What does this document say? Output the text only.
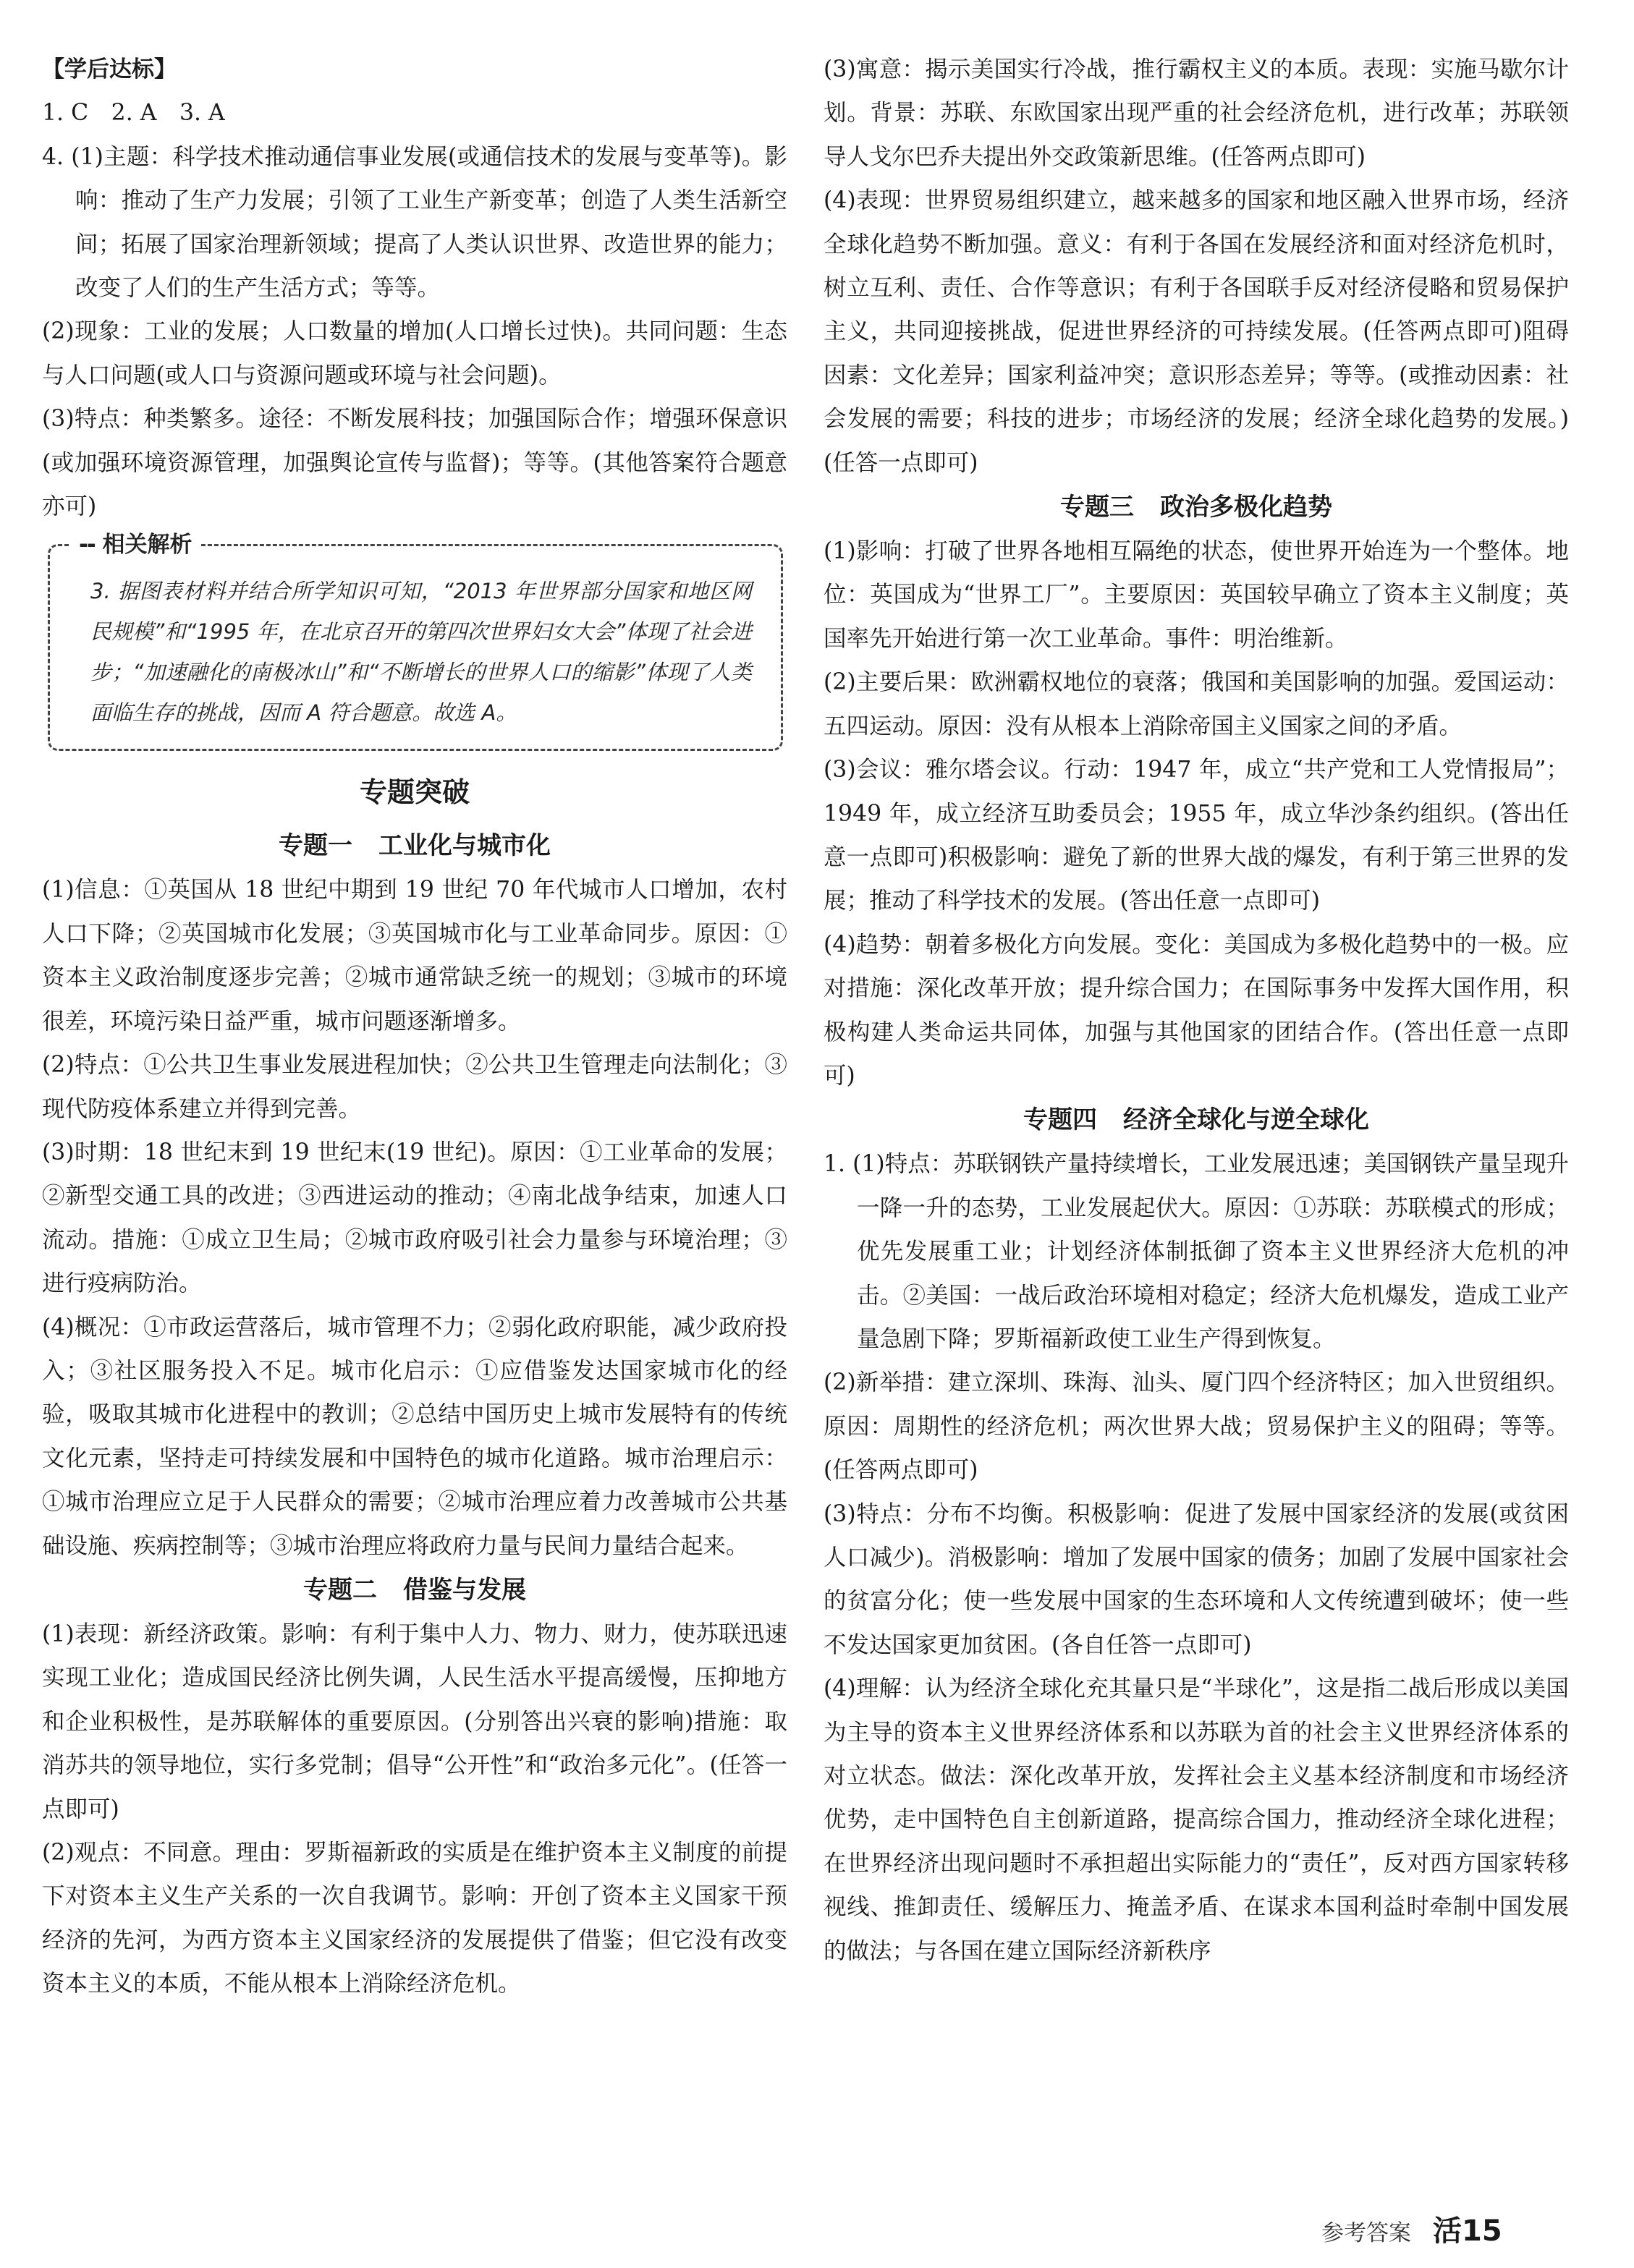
【学后达标】

1. C　2. A　3. A

4. (1)主题：科学技术推动通信事业发展(或通信技术的发展与变革等)。影响：推动了生产力发展；引领了工业生产新变革；创造了人类生活新空间；拓展了国家治理新领域；提高了人类认识世界、改造世界的能力；改变了人们的生产生活方式；等等。

(2)现象：工业的发展；人口数量的增加(人口增长过快)。共同问题：生态与人口问题(或人口与资源问题或环境与社会问题)。

(3)特点：种类繁多。途径：不断发展科技；加强国际合作；增强环保意识(或加强环境资源管理，加强舆论宣传与监督)；等等。(其他答案符合题意亦可)

-- 相关解析

3. 据图表材料并结合所学知识可知，“2013 年世界部分国家和地区网民规模”和“1995 年，在北京召开的第四次世界妇女大会”体现了社会进步；“加速融化的南极冰山”和“不断增长的世界人口的缩影”体现了人类面临生存的挑战，因而 A 符合题意。故选 A。

专题突破
专题一 工业化与城市化

(1)信息：①英国从 18 世纪中期到 19 世纪 70 年代城市人口增加，农村人口下降；②英国城市化发展；③英国城市化与工业革命同步。原因：①资本主义政治制度逐步完善；②城市通常缺乏统一的规划；③城市的环境很差，环境污染日益严重，城市问题逐渐增多。

(2)特点：①公共卫生事业发展进程加快；②公共卫生管理走向法制化；③现代防疫体系建立并得到完善。

(3)时期：18 世纪末到 19 世纪末(19 世纪)。原因：①工业革命的发展；②新型交通工具的改进；③西进运动的推动；④南北战争结束，加速人口流动。措施：①成立卫生局；②城市政府吸引社会力量参与环境治理；③进行疫病防治。

(4)概况：①市政运营落后，城市管理不力；②弱化政府职能，减少政府投入；③社区服务投入不足。城市化启示：①应借鉴发达国家城市化的经验，吸取其城市化进程中的教训；②总结中国历史上城市发展特有的传统文化元素，坚持走可持续发展和中国特色的城市化道路。城市治理启示：①城市治理应立足于人民群众的需要；②城市治理应着力改善城市公共基础设施、疾病控制等；③城市治理应将政府力量与民间力量结合起来。

专题二 借鉴与发展

(1)表现：新经济政策。影响：有利于集中人力、物力、财力，使苏联迅速实现工业化；造成国民经济比例失调，人民生活水平提高缓慢，压抑地方和企业积极性，是苏联解体的重要原因。(分别答出兴衰的影响)措施：取消苏共的领导地位，实行多党制；倡导“公开性”和“政治多元化”。(任答一点即可)

(2)观点：不同意。理由：罗斯福新政的实质是在维护资本主义制度的前提下对资本主义生产关系的一次自我调节。影响：开创了资本主义国家干预经济的先河，为西方资本主义国家经济的发展提供了借鉴；但它没有改变资本主义的本质，不能从根本上消除经济危机。

(3)寓意：揭示美国实行冷战，推行霸权主义的本质。表现：实施马歇尔计划。背景：苏联、东欧国家出现严重的社会经济危机，进行改革；苏联领导人戈尔巴乔夫提出外交政策新思维。(任答两点即可)

(4)表现：世界贸易组织建立，越来越多的国家和地区融入世界市场，经济全球化趋势不断加强。意义：有利于各国在发展经济和面对经济危机时，树立互利、责任、合作等意识；有利于各国联手反对经济侵略和贸易保护主义，共同迎接挑战，促进世界经济的可持续发展。(任答两点即可)阻碍因素：文化差异；国家利益冲突；意识形态差异；等等。(或推动因素：社会发展的需要；科技的进步；市场经济的发展；经济全球化趋势的发展。)(任答一点即可)

专题三 政治多极化趋势

(1)影响：打破了世界各地相互隔绝的状态，使世界开始连为一个整体。地位：英国成为“世界工厂”。主要原因：英国较早确立了资本主义制度；英国率先开始进行第一次工业革命。事件：明治维新。

(2)主要后果：欧洲霸权地位的衰落；俄国和美国影响的加强。爱国运动：五四运动。原因：没有从根本上消除帝国主义国家之间的矛盾。

(3)会议：雅尔塔会议。行动：1947 年，成立“共产党和工人党情报局”；1949 年，成立经济互助委员会；1955 年，成立华沙条约组织。(答出任意一点即可)积极影响：避免了新的世界大战的爆发，有利于第三世界的发展；推动了科学技术的发展。(答出任意一点即可)

(4)趋势：朝着多极化方向发展。变化：美国成为多极化趋势中的一极。应对措施：深化改革开放；提升综合国力；在国际事务中发挥大国作用，积极构建人类命运共同体，加强与其他国家的团结合作。(答出任意一点即可)

专题四 经济全球化与逆全球化

1. (1)特点：苏联钢铁产量持续增长，工业发展迅速；美国钢铁产量呈现升一降一升的态势，工业发展起伏大。原因：①苏联：苏联模式的形成；优先发展重工业；计划经济体制抵御了资本主义世界经济大危机的冲击。②美国：一战后政治环境相对稳定；经济大危机爆发，造成工业产量急剧下降；罗斯福新政使工业生产得到恢复。

(2)新举措：建立深圳、珠海、汕头、厦门四个经济特区；加入世贸组织。原因：周期性的经济危机；两次世界大战；贸易保护主义的阻碍；等等。(任答两点即可)

(3)特点：分布不均衡。积极影响：促进了发展中国家经济的发展(或贫困人口减少)。消极影响：增加了发展中国家的债务；加剧了发展中国家社会的贫富分化；使一些发展中国家的生态环境和人文传统遭到破坏；使一些不发达国家更加贫困。(各自任答一点即可)

(4)理解：认为经济全球化充其量只是“半球化”，这是指二战后形成以美国为主导的资本主义世界经济体系和以苏联为首的社会主义世界经济体系的对立状态。做法：深化改革开放，发挥社会主义基本经济制度和市场经济优势，走中国特色自主创新道路，提高综合国力，推动经济全球化进程；在世界经济出现问题时不承担超出实际能力的“责任”，反对西方国家转移视线、推卸责任、缓解压力、掩盖矛盾、在谋求本国利益时牵制中国发展的做法；与各国在建立国际经济新秩序

参考答案 活15
